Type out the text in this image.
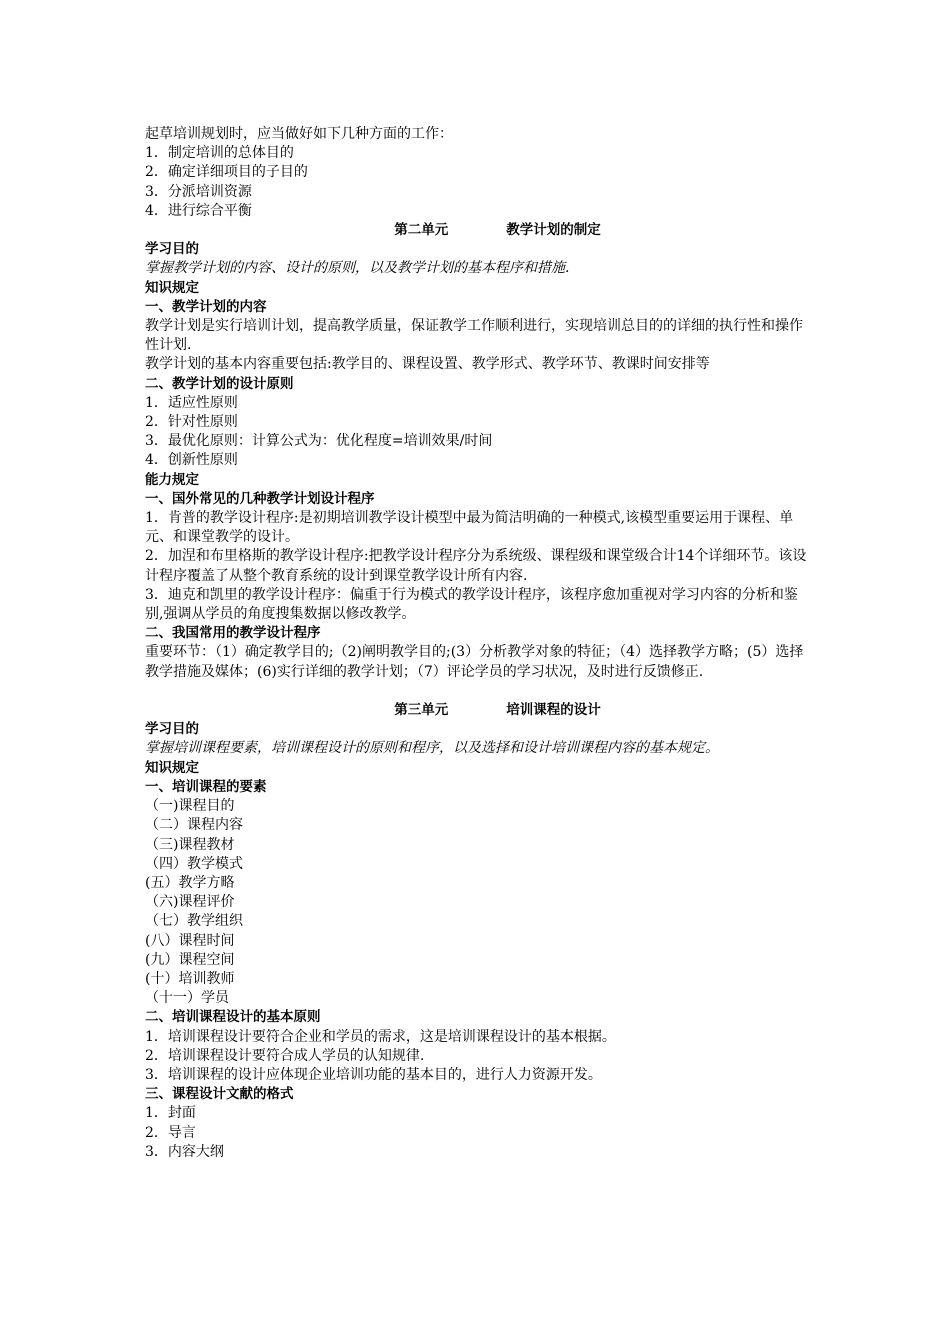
起草培训规划时，应当做好如下几种方面的工作：
1．制定培训的总体目的
2．确定详细项目的子目的
3．分派培训资源
4．进行综合平衡
第二单元	教学计划的制定
学习目的
掌握教学计划的内容、设计的原则，以及教学计划的基本程序和措施.
知识规定
一、教学计划的内容
教学计划是实行培训计划，提高教学质量，保证教学工作顺利进行，实现培训总目的的详细的执行性和操作性计划.
教学计划的基本内容重要包括:教学目的、课程设置、教学形式、教学环节、教课时间安排等
二、教学计划的设计原则
1．适应性原则
2．针对性原则
3．最优化原则：计算公式为：优化程度=培训效果/时间
4．创新性原则
能力规定
一、国外常见的几种教学计划设计程序
1．肯普的教学设计程序:是初期培训教学设计模型中最为简洁明确的一种模式,该模型重要运用于课程、单元、和课堂教学的设计。
2．加涅和布里格斯的教学设计程序:把教学设计程序分为系统级、课程级和课堂级合计14个详细环节。该设计程序覆盖了从整个教育系统的设计到课堂教学设计所有内容.
3．迪克和凯里的教学设计程序：偏重于行为模式的教学设计程序，该程序愈加重视对学习内容的分析和鉴别,强调从学员的角度搜集数据以修改教学。
二、我国常用的教学设计程序
重要环节：（1）确定教学目的;（2)阐明教学目的;(3）分析教学对象的特征；（4）选择教学方略；(5）选择教学措施及媒体；(6)实行详细的教学计划；（7）评论学员的学习状况，及时进行反馈修正.
第三单元	培训课程的设计
学习目的
掌握培训课程要素，培训课程设计的原则和程序，以及选择和设计培训课程内容的基本规定。
知识规定
一、培训课程的要素
（一)课程目的
（二）课程内容
（三)课程教材
（四）教学模式
(五）教学方略
（六)课程评价
（七）教学组织
(八）课程时间
(九）课程空间
(十）培训教师
（十一）学员
二、培训课程设计的基本原则
1．培训课程设计要符合企业和学员的需求，这是培训课程设计的基本根据。
2．培训课程设计要符合成人学员的认知规律.
3．培训课程的设计应体现企业培训功能的基本目的，进行人力资源开发。
三、课程设计文献的格式
1．封面
2．导言
3．内容大纲
